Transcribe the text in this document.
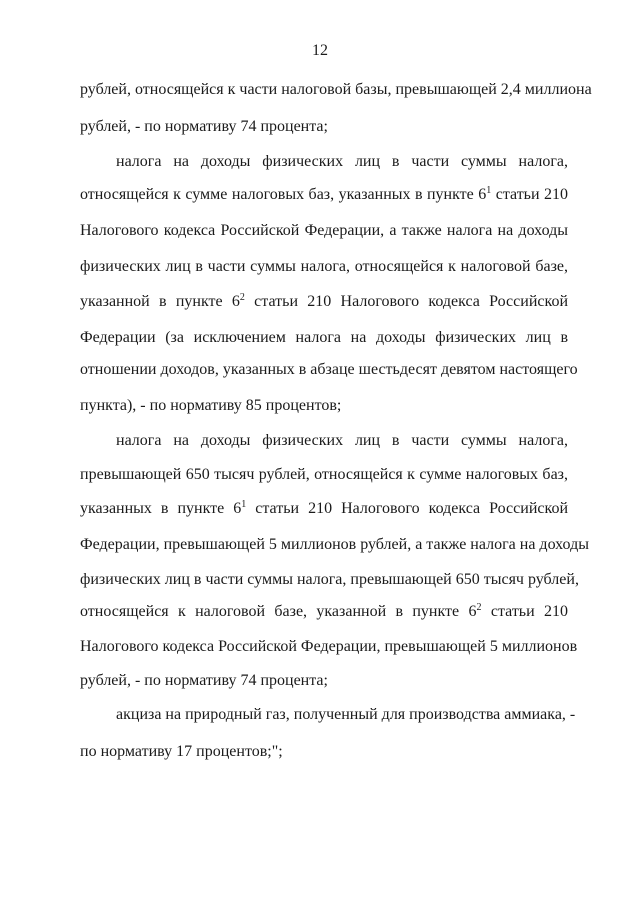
12
рублей, относящейся к части налоговой базы, превышающей 2,4 миллиона
рублей, - по нормативу 74 процента;
налога на доходы физических лиц в части суммы налога,
относящейся к сумме налоговых баз, указанных в пункте $6^1$ статьи 210
Налогового кодекса Российской Федерации, а также налога на доходы
физических лиц в части суммы налога, относящейся к налоговой базе,
указанной в пункте $6^2$ статьи 210 Налогового кодекса Российской
Федерации (за исключением налога на доходы физических лиц в
отношении доходов, указанных в абзаце шестьдесят девятом настоящего
пункта), - по нормативу 85 процентов;
налога на доходы физических лиц в части суммы налога,
превышающей 650 тысяч рублей, относящейся к сумме налоговых баз,
указанных в пункте $6^1$ статьи 210 Налогового кодекса Российской
Федерации, превышающей 5 миллионов рублей, а также налога на доходы
физических лиц в части суммы налога, превышающей 650 тысяч рублей,
относящейся к налоговой базе, указанной в пункте $6^2$ статьи 210
Налогового кодекса Российской Федерации, превышающей 5 миллионов
рублей, - по нормативу 74 процента;
акциза на природный газ, полученный для производства аммиака, -
по нормативу 17 процентов;";
